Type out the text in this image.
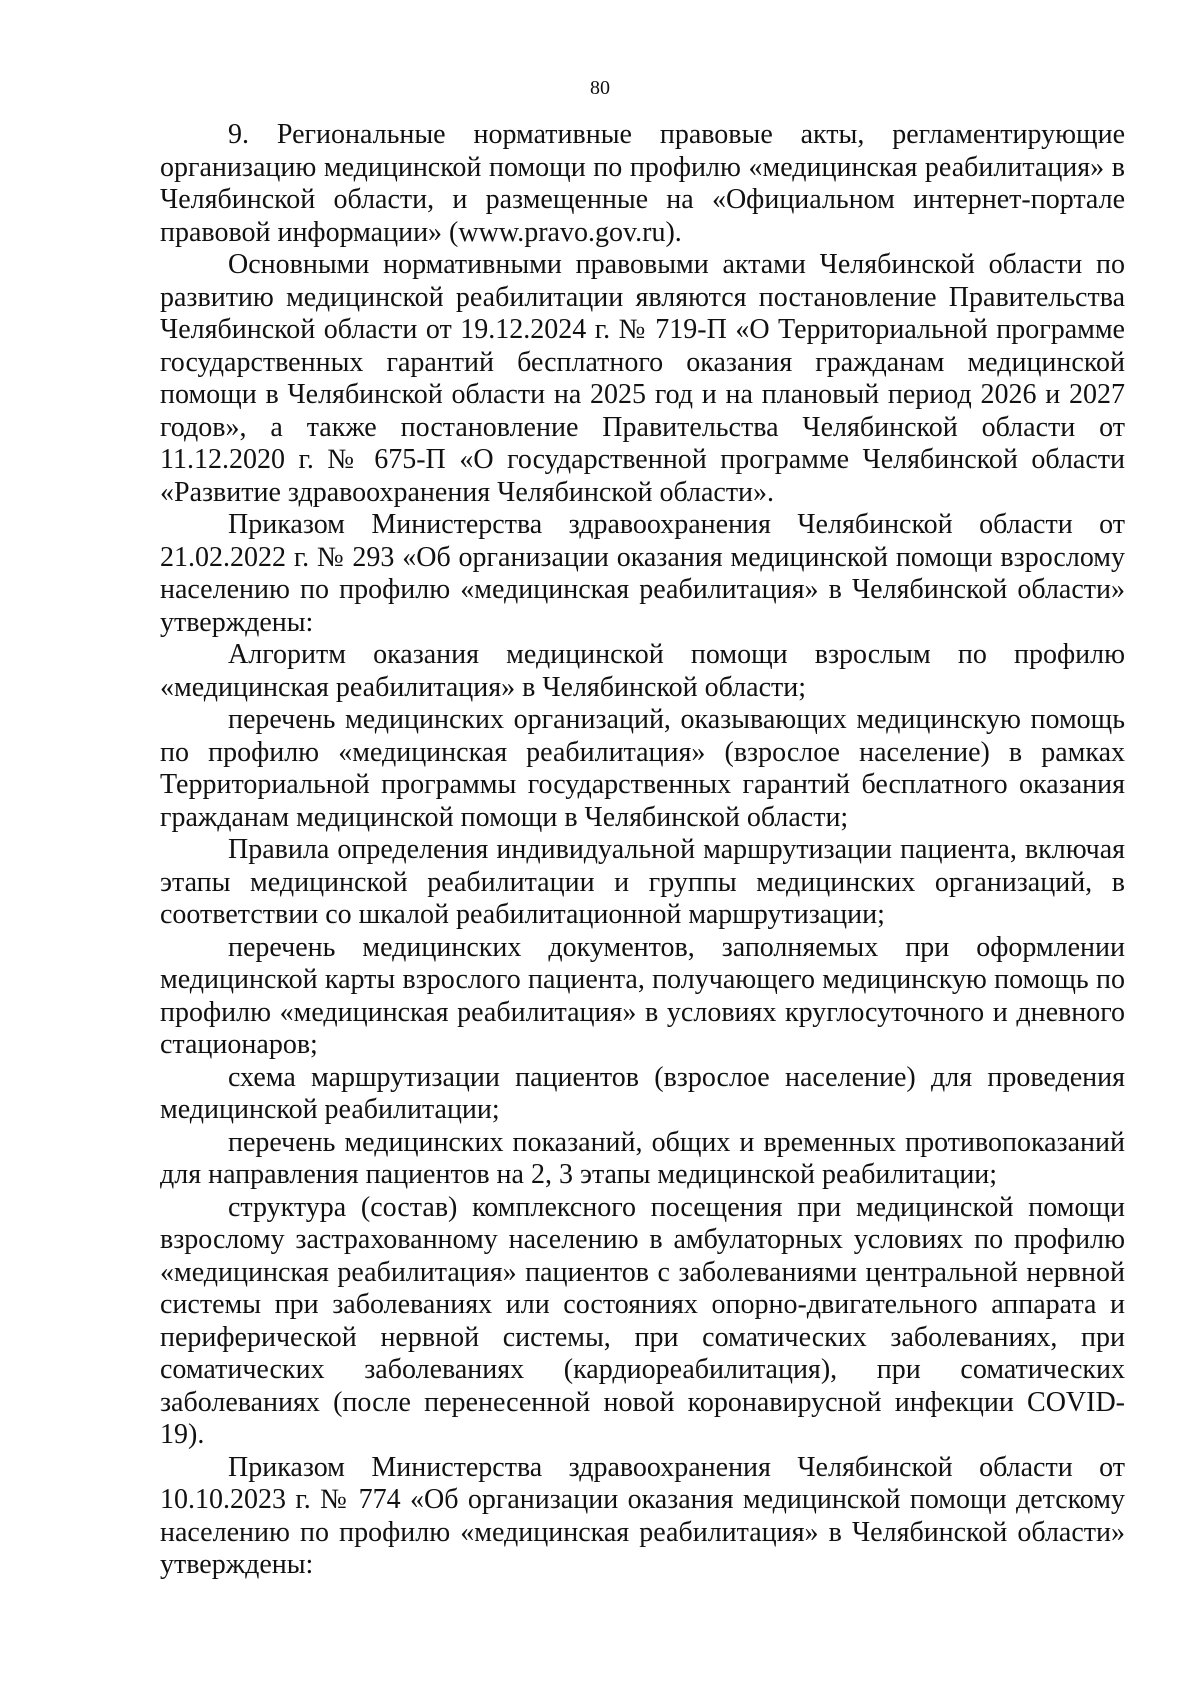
80

9. Региональные нормативные правовые акты, регламентирующие организацию медицинской помощи по профилю «медицинская реабилитация» в Челябинской области, и размещенные на «Официальном интернет-портале правовой информации» (www.pravo.gov.ru).

Основными нормативными правовыми актами Челябинской области по развитию медицинской реабилитации являются постановление Правительства Челябинской области от 19.12.2024 г. № 719-П «О Территориальной программе государственных гарантий бесплатного оказания гражданам медицинской помощи в Челябинской области на 2025 год и на плановый период 2026 и 2027 годов», а также постановление Правительства Челябинской области от 11.12.2020 г. № 675-П «О государственной программе Челябинской области «Развитие здравоохранения Челябинской области».

Приказом Министерства здравоохранения Челябинской области от 21.02.2022 г. № 293 «Об организации оказания медицинской помощи взрослому населению по профилю «медицинская реабилитация» в Челябинской области» утверждены:

Алгоритм оказания медицинской помощи взрослым по профилю «медицинская реабилитация» в Челябинской области;

перечень медицинских организаций, оказывающих медицинскую помощь по профилю «медицинская реабилитация» (взрослое население) в рамках Территориальной программы государственных гарантий бесплатного оказания гражданам медицинской помощи в Челябинской области;

Правила определения индивидуальной маршрутизации пациента, включая этапы медицинской реабилитации и группы медицинских организаций, в соответствии со шкалой реабилитационной маршрутизации;

перечень медицинских документов, заполняемых при оформлении медицинской карты взрослого пациента, получающего медицинскую помощь по профилю «медицинская реабилитация» в условиях круглосуточного и дневного стационаров;

схема маршрутизации пациентов (взрослое население) для проведения медицинской реабилитации;

перечень медицинских показаний, общих и временных противопоказаний для направления пациентов на 2, 3 этапы медицинской реабилитации;

структура (состав) комплексного посещения при медицинской помощи взрослому застрахованному населению в амбулаторных условиях по профилю «медицинская реабилитация» пациентов с заболеваниями центральной нервной системы при заболеваниях или состояниях опорно-двигательного аппарата и периферической нервной системы, при соматических заболеваниях, при соматических заболеваниях (кардиореабилитация), при соматических заболеваниях (после перенесенной новой коронавирусной инфекции COVID-19).

Приказом Министерства здравоохранения Челябинской области от 10.10.2023 г. № 774 «Об организации оказания медицинской помощи детскому населению по профилю «медицинская реабилитация» в Челябинской области» утверждены:
